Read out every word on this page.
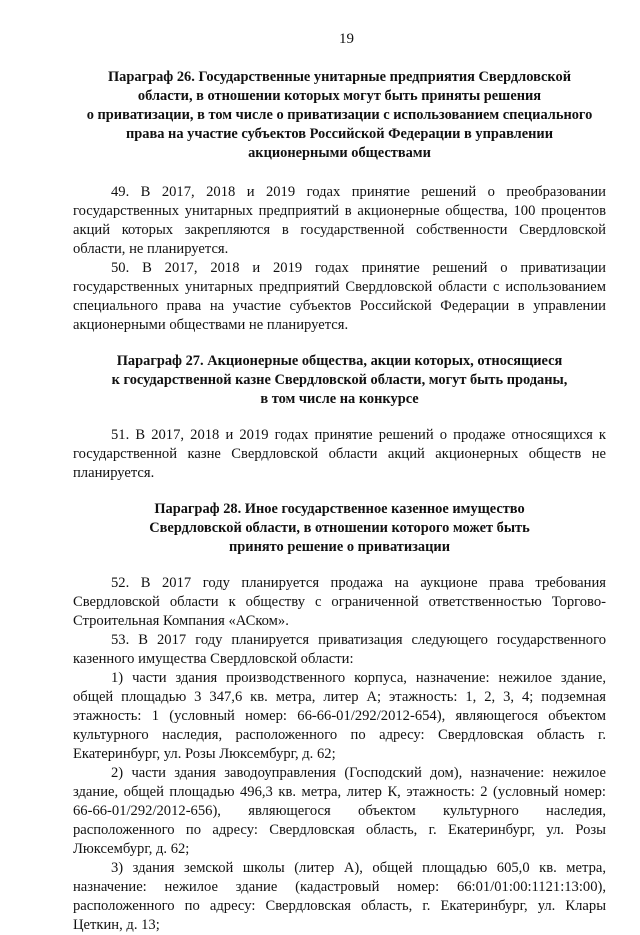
19
Параграф 26. Государственные унитарные предприятия Свердловской
области, в отношении которых могут быть приняты решения
о приватизации, в том числе о приватизации с использованием специального
права на участие субъектов Российской Федерации в управлении
акционерными обществами

49. В 2017, 2018 и 2019 годах принятие решений о преобразовании государственных унитарных предприятий в акционерные общества, 100 процентов акций которых закрепляются в государственной собственности Свердловской области, не планируется.

50. В 2017, 2018 и 2019 годах принятие решений о приватизации государственных унитарных предприятий Свердловской области с использованием специального права на участие субъектов Российской Федерации в управлении акционерными обществами не планируется.

Параграф 27. Акционерные общества, акции которых, относящиеся
к государственной казне Свердловской области, могут быть проданы,
в том числе на конкурсе

51. В 2017, 2018 и 2019 годах принятие решений о продаже относящихся к государственной казне Свердловской области акций акционерных обществ не планируется.

Параграф 28. Иное государственное казенное имущество
Свердловской области, в отношении которого может быть
принято решение о приватизации

52. В 2017 году планируется продажа на аукционе права требования Свердловской области к обществу с ограниченной ответственностью Торгово-Строительная Компания «АСком».

53. В 2017 году планируется приватизация следующего государственного казенного имущества Свердловской области:

1) части здания производственного корпуса, назначение: нежилое здание, общей площадью 3 347,6 кв. метра, литер А; этажность: 1, 2, 3, 4; подземная этажность: 1 (условный номер: 66-66-01/292/2012-654), являющегося объектом культурного наследия, расположенного по адресу: Свердловская область г. Екатеринбург, ул. Розы Люксембург, д. 62;

2) части здания заводоуправления (Господский дом), назначение: нежилое здание, общей площадью 496,3 кв. метра, литер К, этажность: 2 (условный номер: 66-66-01/292/2012-656), являющегося объектом культурного наследия, расположенного по адресу: Свердловская область, г. Екатеринбург, ул. Розы Люксембург, д. 62;

3) здания земской школы (литер А), общей площадью 605,0 кв. метра, назначение: нежилое здание (кадастровый номер: 66:01/01:00:1121:13:00), расположенного по адресу: Свердловская область, г. Екатеринбург, ул. Клары Цеткин, д. 13;
